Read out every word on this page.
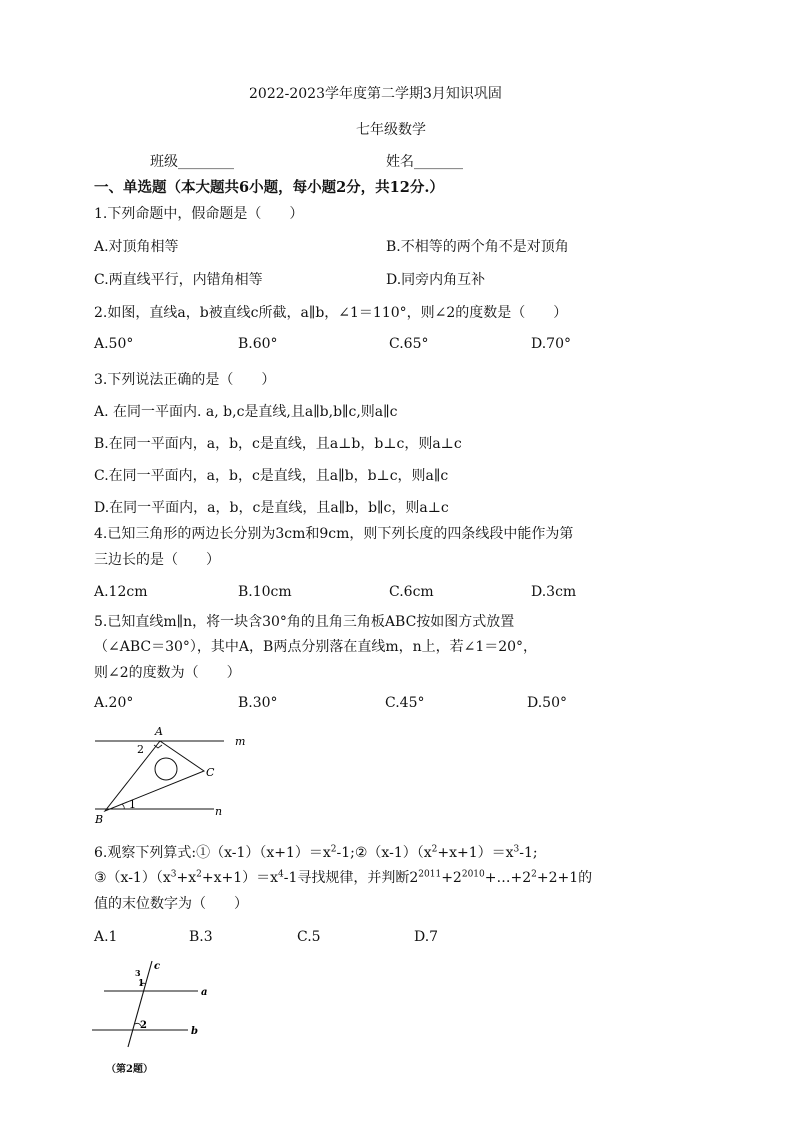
2022-2023学年度第二学期3月知识巩固
七年级数学
班级________	姓名_______
一、单选题（本大题共6小题，每小题2分，共12分.）
1.下列命题中，假命题是（　　）
A.对顶角相等	B.不相等的两个角不是对顶角
C.两直线平行，内错角相等	D.同旁内角互补
2.如图，直线a，b被直线c所截，a∥b，∠1＝110°，则∠2的度数是（　　）
A.50°	B.60°	C.65°	D.70°
3.下列说法正确的是（　　）
A. 在同一平面内. a, b,c是直线,且a∥b,b∥c,则a∥c
B.在同一平面内，a，b，c是直线，且a⊥b，b⊥c，则a⊥c
C.在同一平面内，a，b，c是直线，且a∥b，b⊥c，则a∥c
D.在同一平面内，a，b，c是直线，且a∥b，b∥c，则a⊥c
4.已知三角形的两边长分别为3cm和9cm，则下列长度的四条线段中能作为第
三边长的是（　　）
A.12cm	B.10cm	C.6cm	D.3cm
5.已知直线m∥n，将一块含30°角的且角三角板ABC按如图方式放置
（∠ABC＝30°），其中A，B两点分别落在直线m，n上，若∠1＝20°，
则∠2的度数为（　　）
A.20°	B.30°	C.45°	D.50°
A
m
C
n
B
2
1
6.观察下列算式$:①(x-1)(x+1)=x^2-1;②(x-1)(x^2+x+1)=x^3-1$;
$③(x-1)(x^3+x^2+x+1)=x^4-1$寻找规律，并判断$2^{2011}+2^{2010}+\dots+2^2+2+1$的
值的末位数字为（　　）
A.1	B.3	C.5	D.7
c
a
b
3
1
2
（第2题）
